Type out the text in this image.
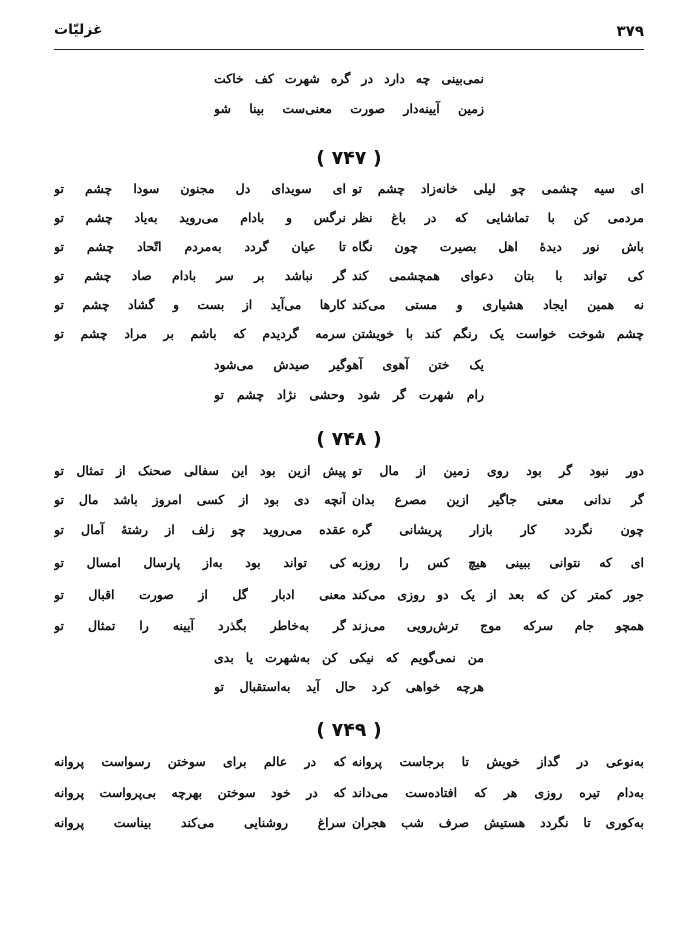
۳۷۹
غزلیّات
نمی‌بینی چه دارد در گره شهرت کف خاکت
زمین آیینه‌دار صورت معنی‌ست بینا شو
( ۷۴۷ )
ای سیه چشمی چو لیلی خانه‌زاد چشم تو
ای سویدای دل مجنون سودا چشم تو
مردمی کن با تماشایی که در باغ نظر
نرگس و بادام می‌روید به‌یاد چشم تو
باش نور دیدهٔ اهل بصیرت چون نگاه
تا عیان گردد به‌مردم اتّحاد چشم تو
کی تواند با بتان دعوای همچشمی کند
گر نباشد بر سر بادام صاد چشم تو
نه همین ایجاد هشیاری و مستی می‌کند
کارها می‌آید از بست و گشاد چشم تو
چشم شوخت خواست یک رنگم کند با خویشتن
سرمه گردیدم که باشم بر مراد چشم تو
یک ختن آهوی آهوگیر صیدش می‌شود
رام شهرت گر شود وحشی نژاد چشم تو
( ۷۴۸ )
دور نبود گر بود روی زمین از مال تو
پیش ازین بود این سفالی صحنک از تمثال تو
گر ندانی معنی جاگیر ازین مصرع بدان
آنچه دی بود از کسی امروز باشد مال تو
چون نگردد کار بازار پریشانی گره
عقده می‌روید چو زلف از رشتهٔ آمال تو
ای که نتوانی ببینی هیچ کس را روزبه
کی تواند بود به‌از پارسال امسال تو
جور کمتر کن که بعد از یک دو روزی می‌کند
معنی ادبار گل از صورت اقبال تو
همچو جام سرکه موج ترش‌رویی می‌زند
گر به‌خاطر بگذرد آیینه را تمثال تو
من نمی‌گویم که نیکی کن به‌شهرت یا بدی
هرچه خواهی کرد حال آید به‌استقبال تو
( ۷۴۹ )
به‌نوعی در گداز خویش تا برجاست پروانه
که در عالم برای سوختن رسواست پروانه
به‌دام تیره روزی هر که افتاده‌ست می‌داند
که در خود سوختن بهرچه بی‌پرواست پروانه
به‌کوری تا نگردد هستیش صرف شب هجران
سراغ روشنایی می‌کند بیناست پروانه
